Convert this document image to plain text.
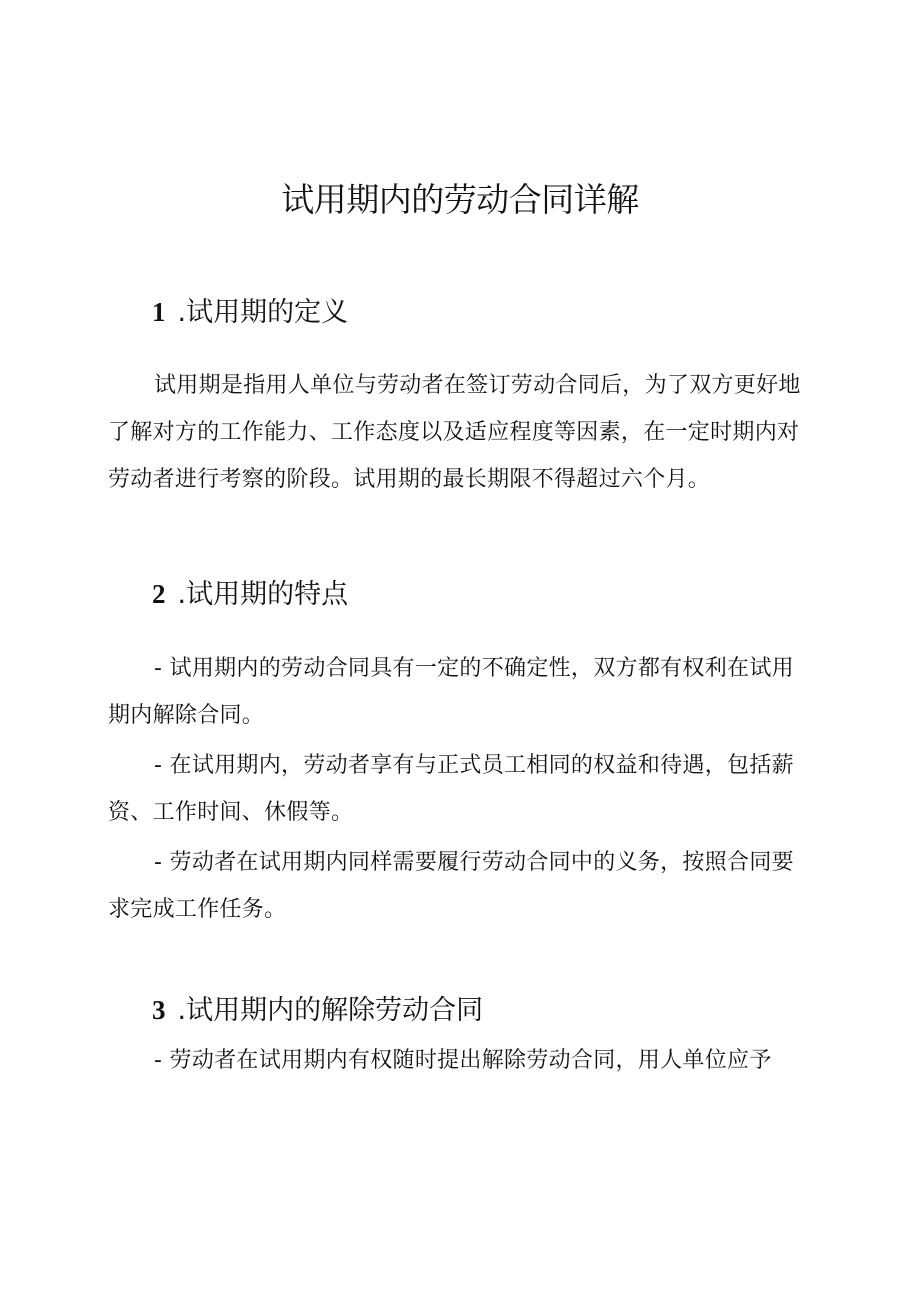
试用期内的劳动合同详解
1 .试用期的定义

试用期是指用人单位与劳动者在签订劳动合同后，为了双方更好地了解对方的工作能力、工作态度以及适应程度等因素，在一定时期内对劳动者进行考察的阶段。试用期的最长期限不得超过六个月。

2 .试用期的特点

- 试用期内的劳动合同具有一定的不确定性，双方都有权利在试用期内解除合同。

- 在试用期内，劳动者享有与正式员工相同的权益和待遇，包括薪资、工作时间、休假等。

- 劳动者在试用期内同样需要履行劳动合同中的义务，按照合同要求完成工作任务。

3 .试用期内的解除劳动合同

- 劳动者在试用期内有权随时提出解除劳动合同，用人单位应予
